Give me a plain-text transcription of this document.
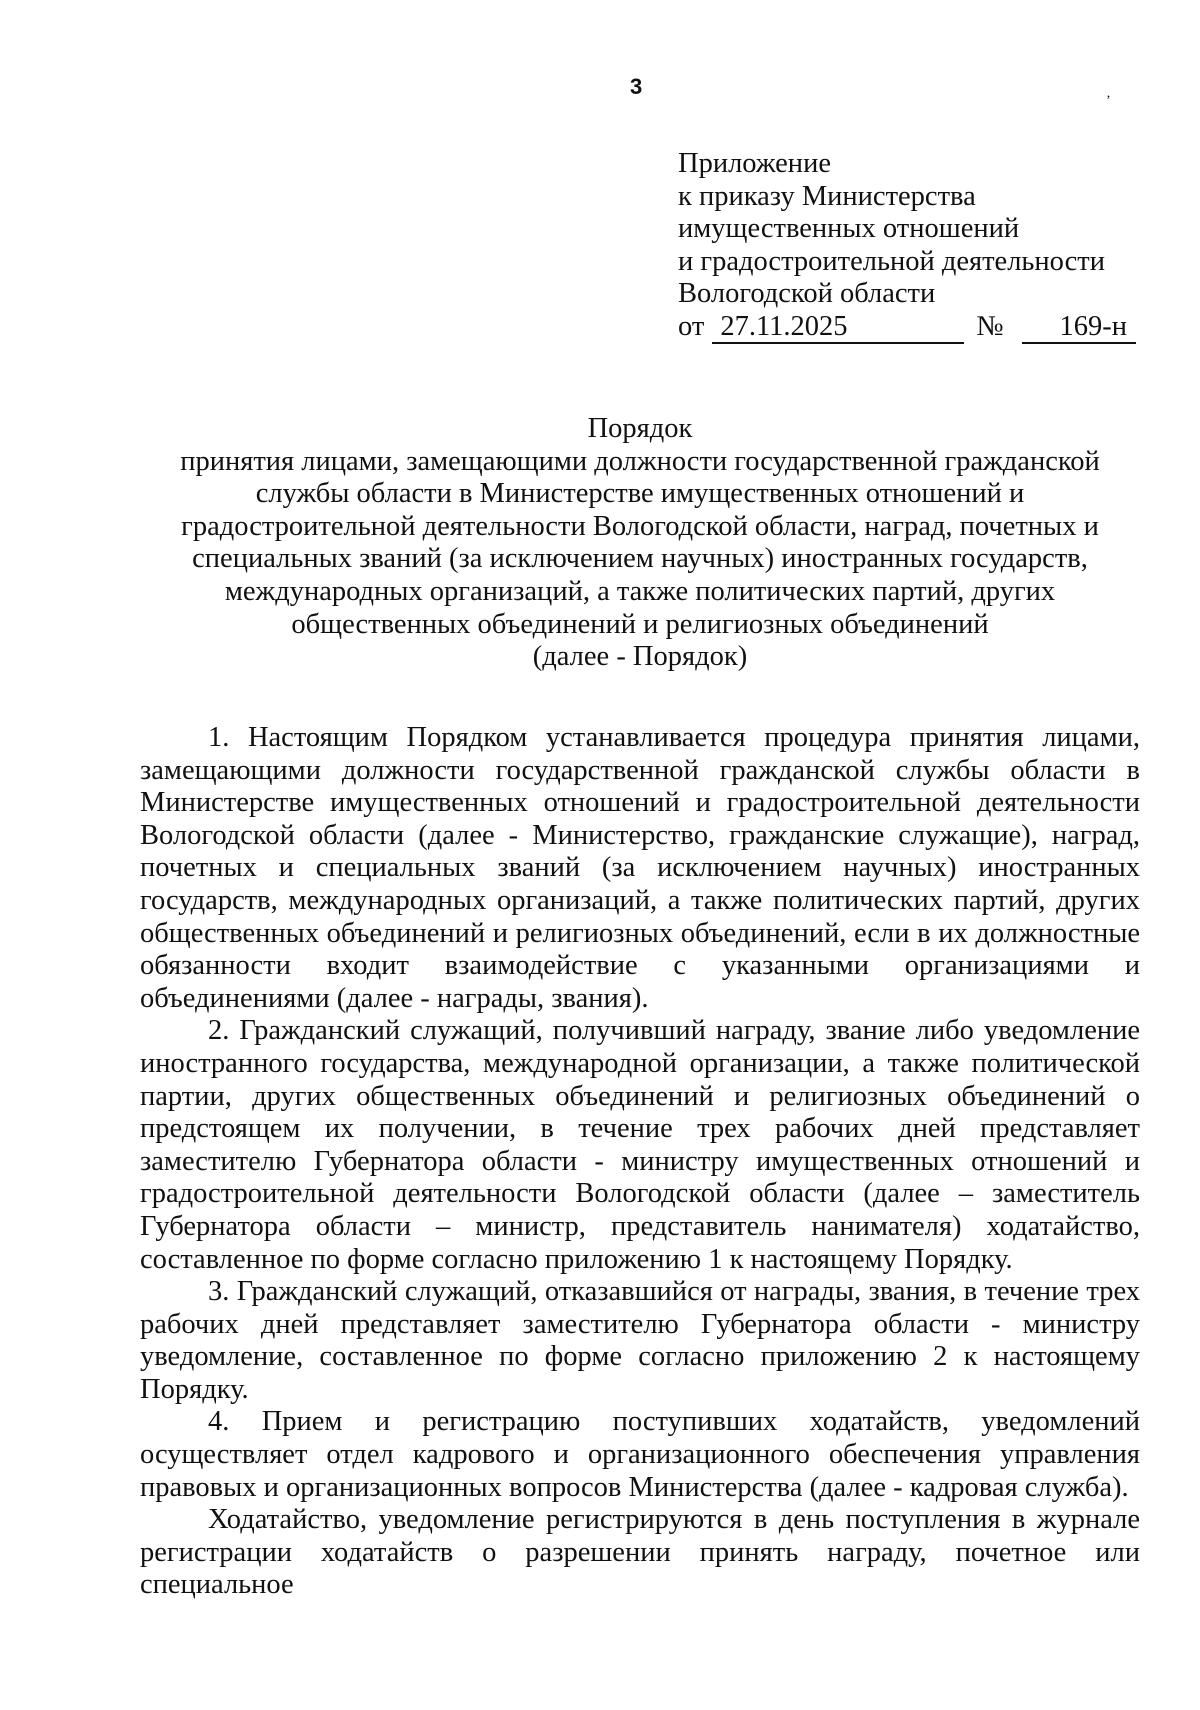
3	‚
Приложение
к приказу Министерства
имущественных отношений
и градостроительной деятельности
Вологодской области
от 27.11.2025	№	169-н
Порядок
принятия лицами, замещающими должности государственной гражданской
службы области в Министерстве имущественных отношений и
градостроительной деятельности Вологодской области, наград, почетных и
специальных званий (за исключением научных) иностранных государств,
международных организаций, а также политических партий, других
общественных объединений и религиозных объединений
(далее - Порядок)

1. Настоящим Порядком устанавливается процедура принятия лицами, замещающими должности государственной гражданской службы области в Министерстве имущественных отношений и градостроительной деятельности Вологодской области (далее - Министерство, гражданские служащие), наград, почетных и специальных званий (за исключением научных) иностранных государств, международных организаций, а также политических партий, других общественных объединений и религиозных объединений, если в их должностные обязанности входит взаимодействие с указанными организациями и объединениями (далее - награды, звания).

2. Гражданский служащий, получивший награду, звание либо уведомление иностранного государства, международной организации, а также политической партии, других общественных объединений и религиозных объединений о предстоящем их получении, в течение трех рабочих дней представляет заместителю Губернатора области - министру имущественных отношений и градостроительной деятельности Вологодской области (далее – заместитель Губернатора области – министр, представитель нанимателя) ходатайство, составленное по форме согласно приложению 1 к настоящему Порядку.

3. Гражданский служащий, отказавшийся от награды, звания, в течение трех рабочих дней представляет заместителю Губернатора области - министру уведомление, составленное по форме согласно приложению 2 к настоящему Порядку.

4. Прием и регистрацию поступивших ходатайств, уведомлений осуществляет отдел кадрового и организационного обеспечения управления правовых и организационных вопросов Министерства (далее - кадровая служба).

Ходатайство, уведомление регистрируются в день поступления в журнале регистрации ходатайств о разрешении принять награду, почетное или специальное
